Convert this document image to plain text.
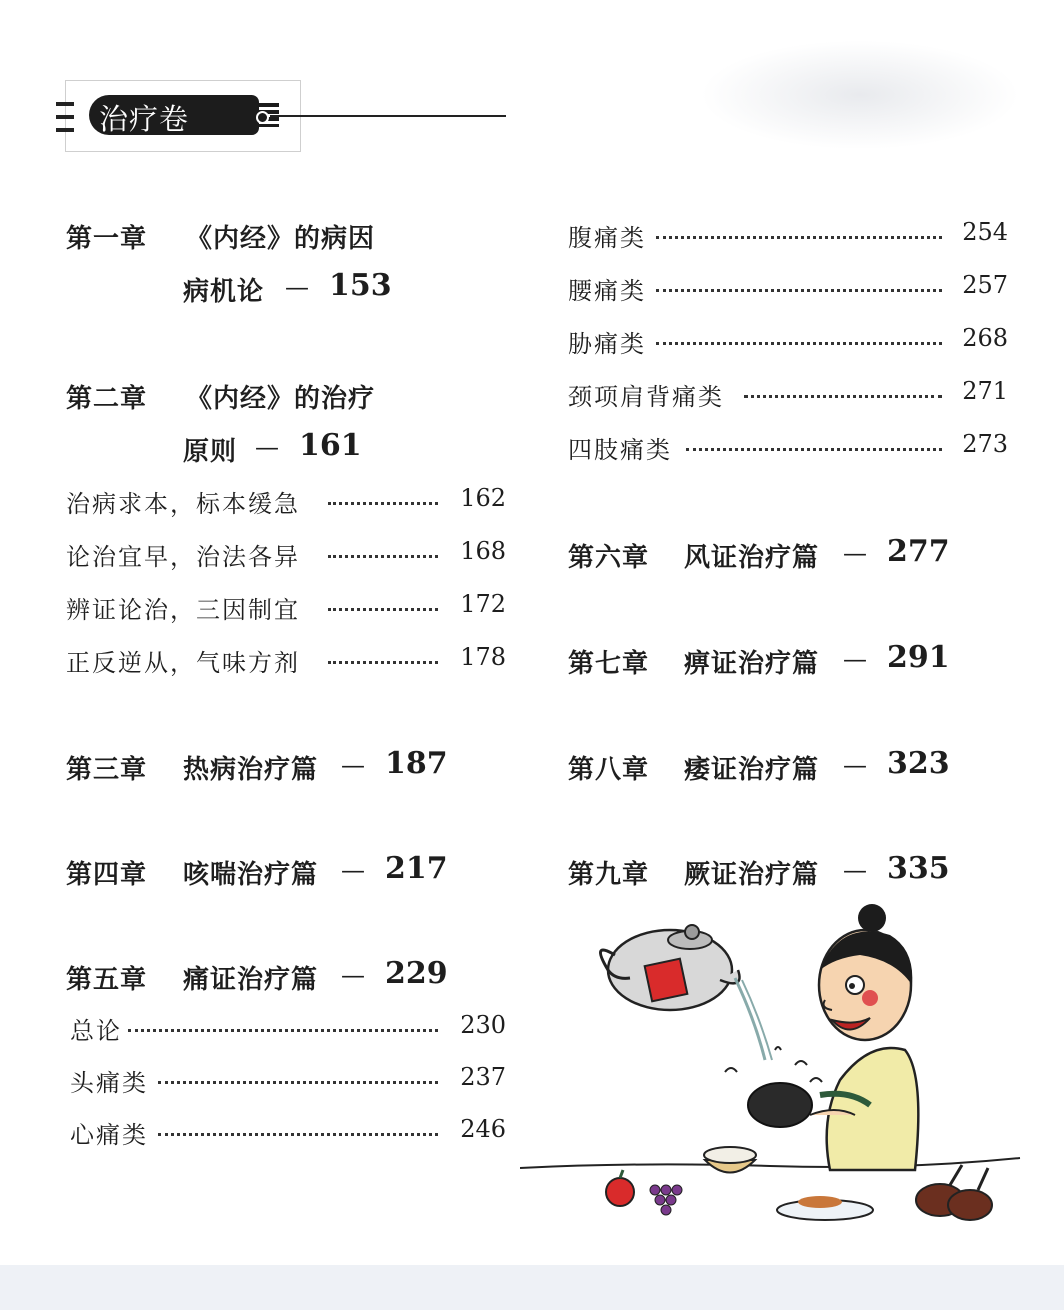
治疗卷
第一章 《内经》的病因
病机论 — 153
第二章 《内经》的治疗
原则 — 161
治病求本，标本缓急	162
论治宜早，治法各异	168
辨证论治，三因制宜	172
正反逆从，气味方剂	178
第三章 热病治疗篇 — 187
第四章 咳喘治疗篇 — 217
第五章 痛证治疗篇 — 229
总论	230
头痛类	237
心痛类	246
腹痛类	254
腰痛类	257
胁痛类	268
颈项肩背痛类	271
四肢痛类	273
第六章 风证治疗篇 — 277
第七章 痹证治疗篇 — 291
第八章 痿证治疗篇 — 323
第九章 厥证治疗篇 — 335
